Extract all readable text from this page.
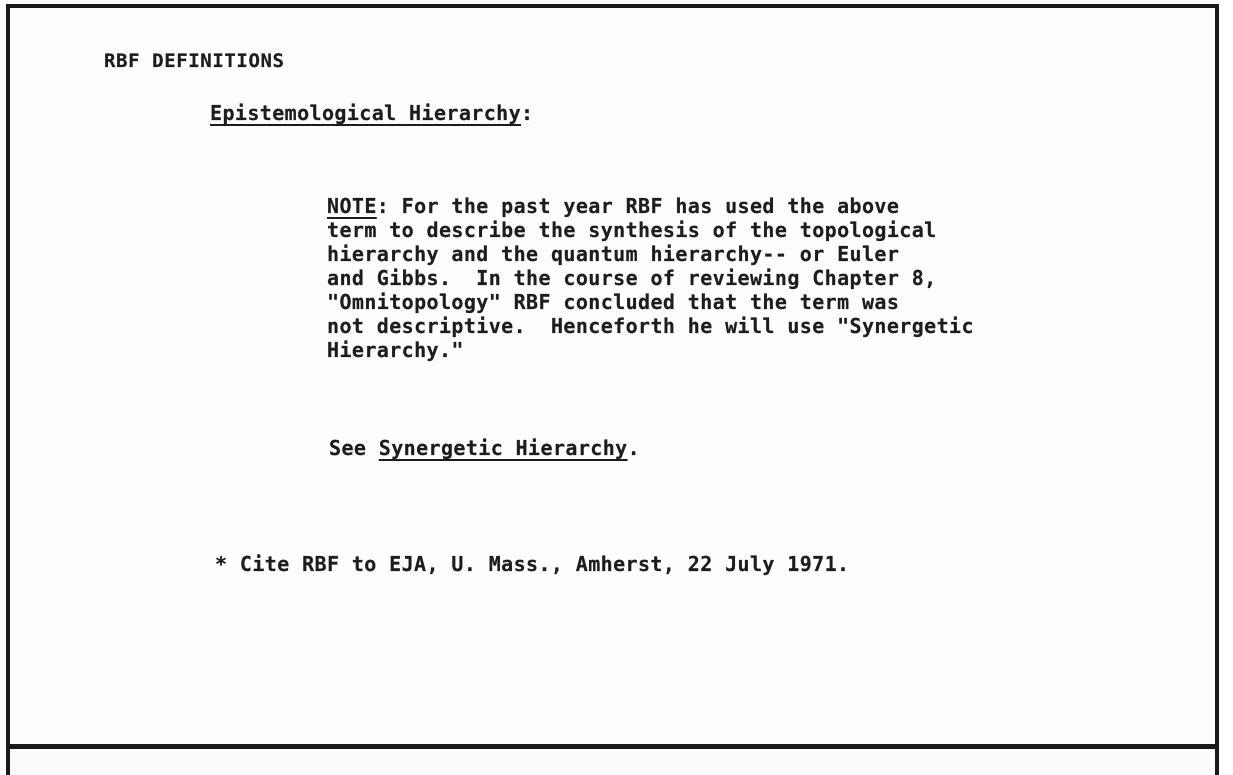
RBF DEFINITIONS
Epistemological Hierarchy:
NOTE: For the past year RBF has used the above
term to describe the synthesis of the topological
hierarchy and the quantum hierarchy-- or Euler
and Gibbs.  In the course of reviewing Chapter 8,
"Omnitopology" RBF concluded that the term was
not descriptive.  Henceforth he will use "Synergetic
Hierarchy."
See Synergetic Hierarchy.
* Cite RBF to EJA, U. Mass., Amherst, 22 July 1971.
